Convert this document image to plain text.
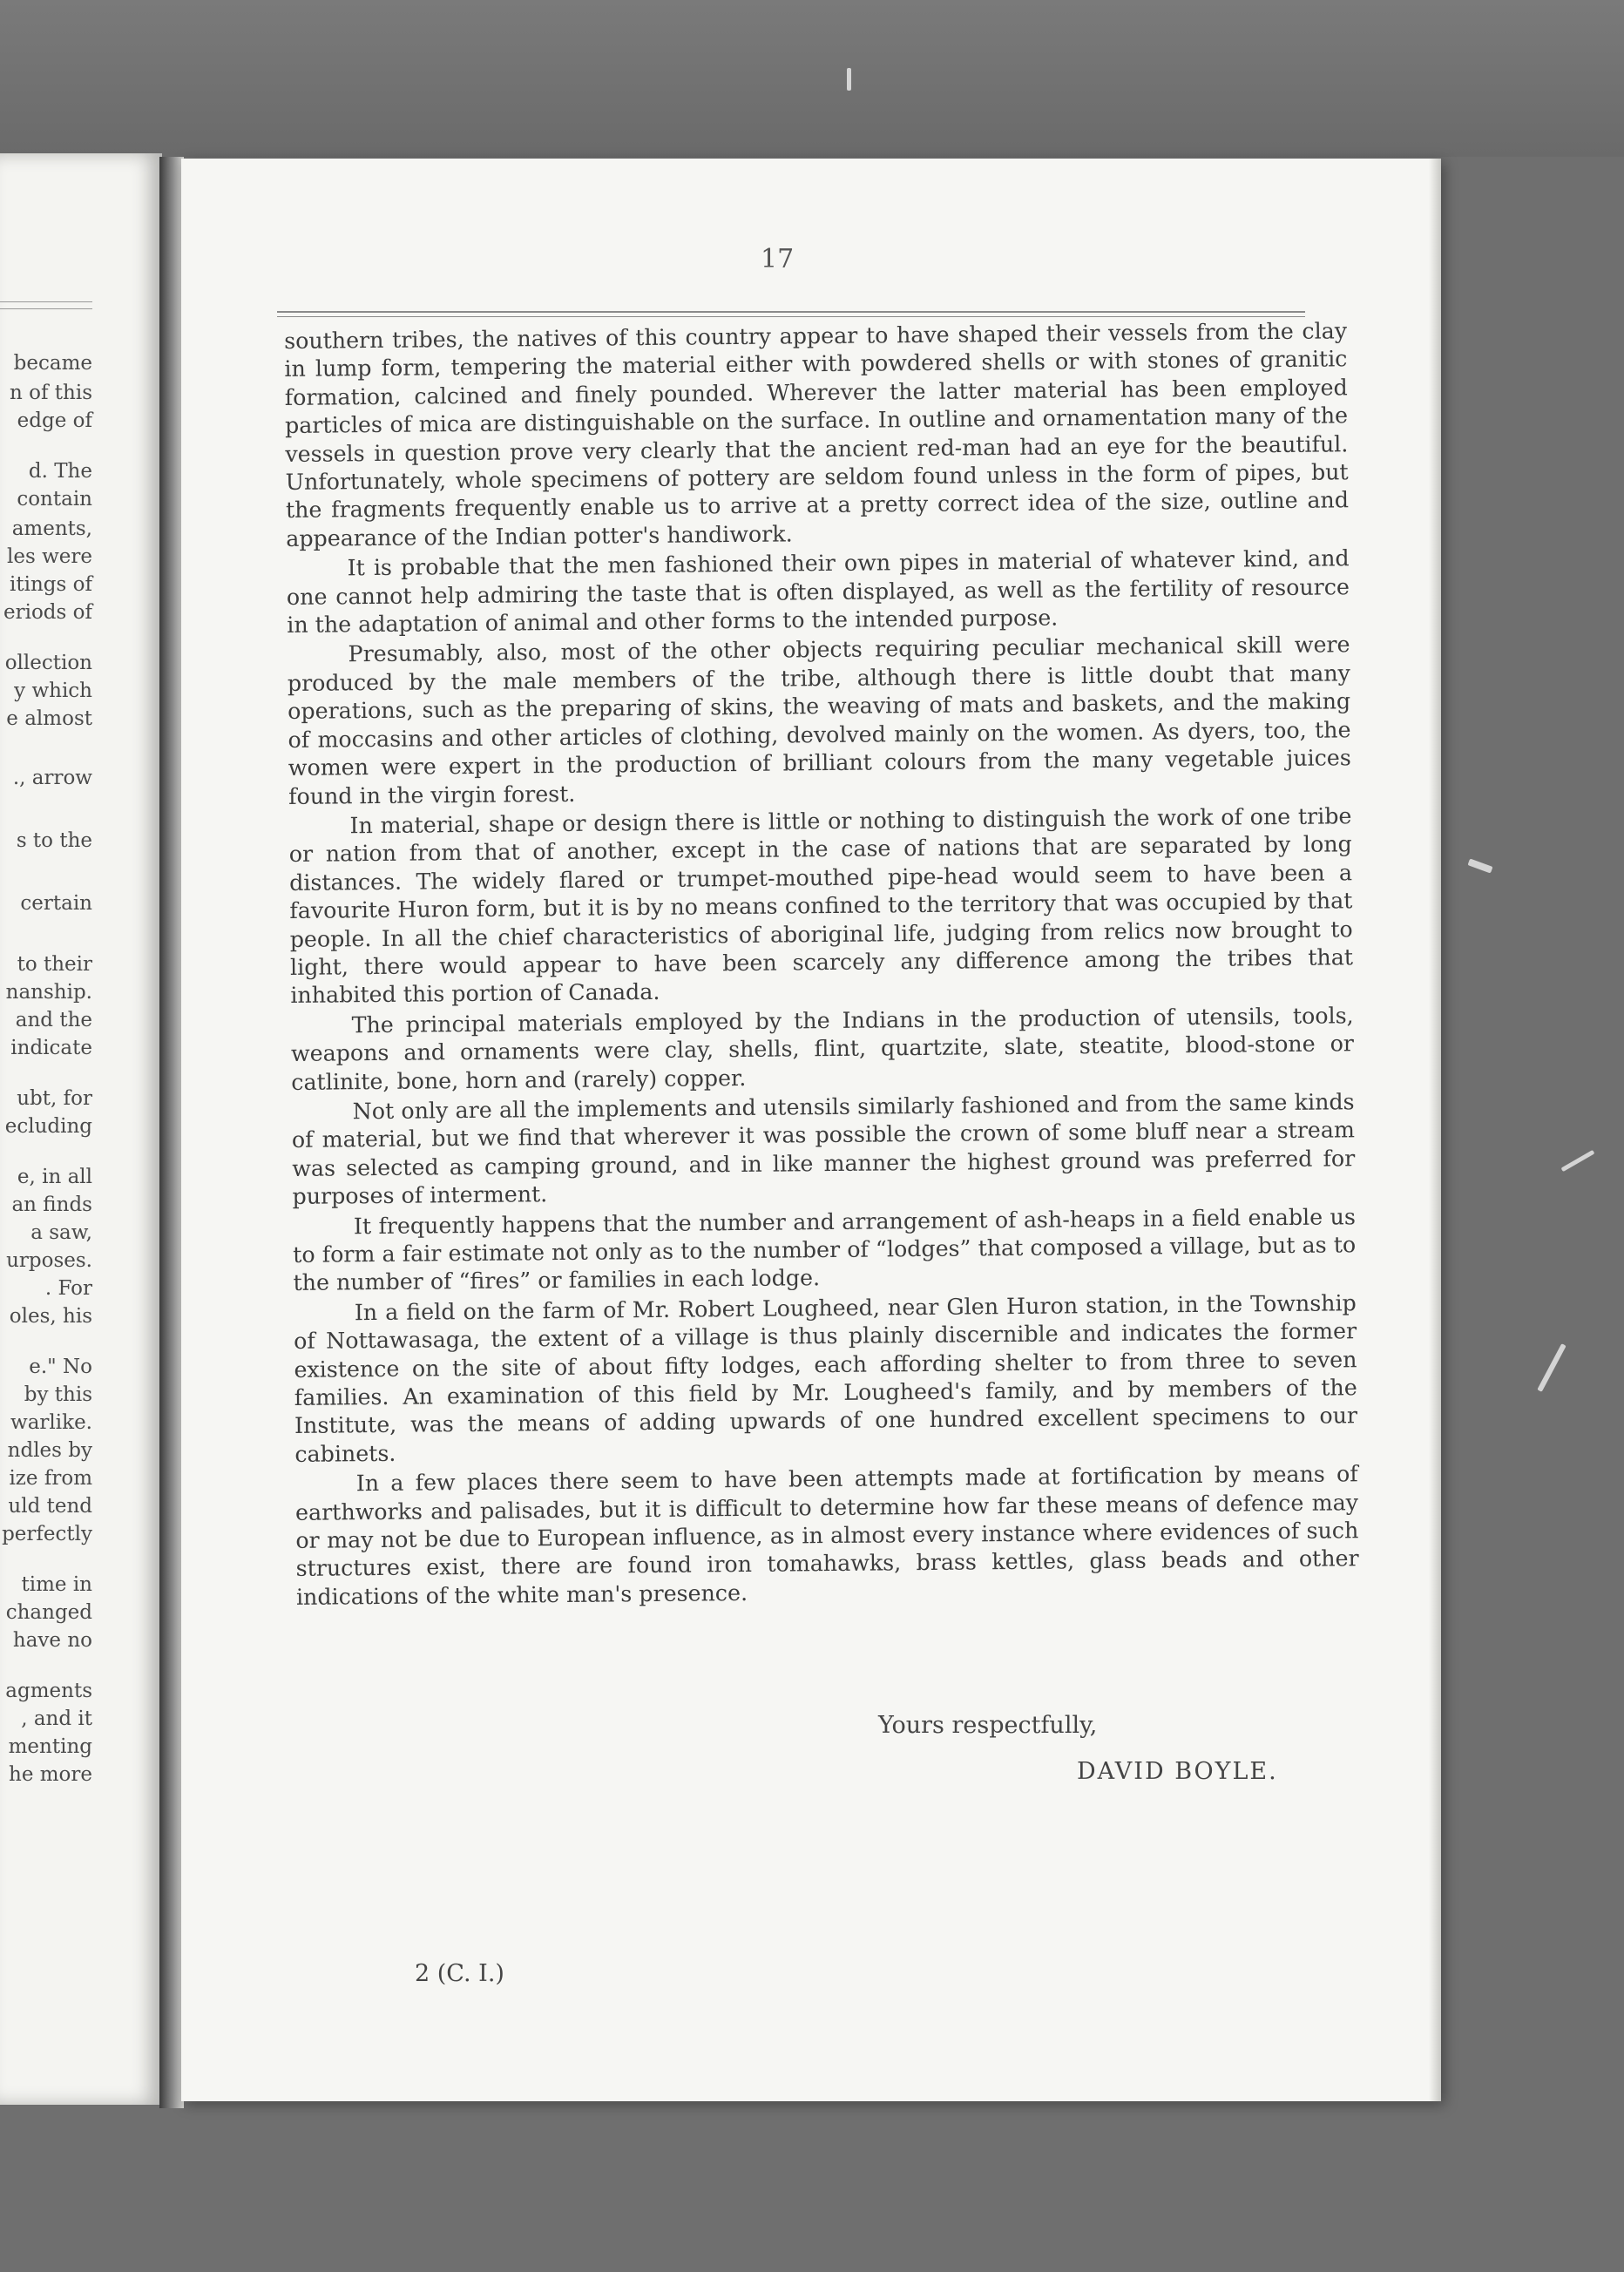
became
n of this
edge of
d. The
contain
aments,
les were
itings of
eriods of
ollection
y which
e almost
., arrow
s to the
certain
to their
nanship.
and the
indicate
ubt, for
ecluding
e, in all
an finds
a saw,
urposes.
. For
oles, his
e." No
by this
warlike.
ndles by
ize from
uld tend
perfectly
time in
changed
have no
agments
, and it
menting
he more
17

southern tribes, the natives of this country appear to have shaped their vessels from the clay in lump form, tempering the material either with powdered shells or with stones of granitic formation, calcined and finely pounded. Wherever the latter material has been employed particles of mica are distinguishable on the surface. In outline and ornamentation many of the vessels in question prove very clearly that the ancient red-man had an eye for the beautiful. Unfortunately, whole specimens of pottery are seldom found unless in the form of pipes, but the fragments frequently enable us to arrive at a pretty correct idea of the size, outline and appearance of the Indian potter's handiwork.

It is probable that the men fashioned their own pipes in material of whatever kind, and one cannot help admiring the taste that is often displayed, as well as the fertility of resource in the adaptation of animal and other forms to the intended purpose.

Presumably, also, most of the other objects requiring peculiar mechanical skill were produced by the male members of the tribe, although there is little doubt that many operations, such as the preparing of skins, the weaving of mats and baskets, and the making of moccasins and other articles of clothing, devolved mainly on the women. As dyers, too, the women were expert in the production of brilliant colours from the many vegetable juices found in the virgin forest.

In material, shape or design there is little or nothing to distinguish the work of one tribe or nation from that of another, except in the case of nations that are separated by long distances. The widely flared or trumpet-mouthed pipe-head would seem to have been a favourite Huron form, but it is by no means confined to the territory that was occupied by that people. In all the chief characteristics of aboriginal life, judging from relics now brought to light, there would appear to have been scarcely any difference among the tribes that inhabited this portion of Canada.

The principal materials employed by the Indians in the production of utensils, tools, weapons and ornaments were clay, shells, flint, quartzite, slate, steatite, blood-stone or catlinite, bone, horn and (rarely) copper.

Not only are all the implements and utensils similarly fashioned and from the same kinds of material, but we find that wherever it was possible the crown of some bluff near a stream was selected as camping ground, and in like manner the highest ground was preferred for purposes of interment.

It frequently happens that the number and arrangement of ash-heaps in a field enable us to form a fair estimate not only as to the number of “lodges” that composed a village, but as to the number of “fires” or families in each lodge.

In a field on the farm of Mr. Robert Lougheed, near Glen Huron station, in the Township of Nottawasaga, the extent of a village is thus plainly discernible and indicates the former existence on the site of about fifty lodges, each affording shelter to from three to seven families. An examination of this field by Mr. Lougheed's family, and by members of the Institute, was the means of adding upwards of one hundred excellent specimens to our cabinets.

In a few places there seem to have been attempts made at fortification by means of earthworks and palisades, but it is difficult to determine how far these means of defence may or may not be due to European influence, as in almost every instance where evidences of such structures exist, there are found iron tomahawks, brass kettles, glass beads and other indications of the white man's presence.

Yours respectfully,
DAVID BOYLE.
2 (C. I.)
